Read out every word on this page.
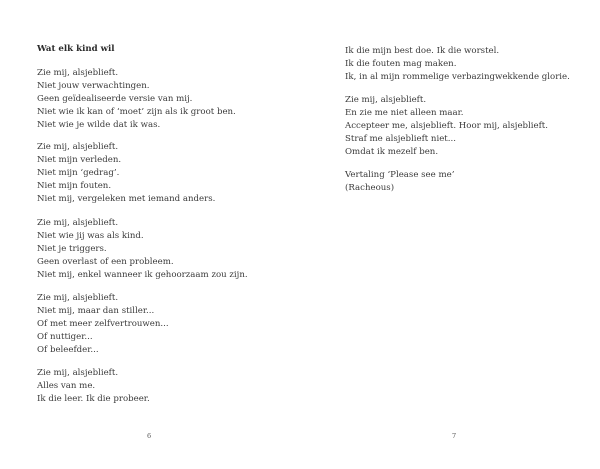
Wat elk kind wil
Zie mij, alsjeblieft.
Niet jouw verwachtingen.
Geen geïdealiseerde versie van mij.
Niet wie ik kan of ‘moet’ zijn als ik groot ben.
Niet wie je wilde dat ik was.
Zie mij, alsjeblieft.
Niet mijn verleden.
Niet mijn ‘gedrag’.
Niet mijn fouten.
Niet mij, vergeleken met iemand anders.
Zie mij, alsjeblieft.
Niet wie jij was als kind.
Niet je triggers.
Geen overlast of een probleem.
Niet mij, enkel wanneer ik gehoorzaam zou zijn.
Zie mij, alsjeblieft.
Niet mij, maar dan stiller...
Of met meer zelfvertrouwen...
Of nuttiger...
Of beleefder...
Zie mij, alsjeblieft.
Alles van me.
Ik die leer. Ik die probeer.
6
Ik die mijn best doe. Ik die worstel.
Ik die fouten mag maken.
Ik, in al mijn rommelige verbazingwekkende glorie.
Zie mij, alsjeblieft.
En zie me niet alleen maar.
Accepteer me, alsjeblieft. Hoor mij, alsjeblieft.
Straf me alsjeblieft niet...
Omdat ik mezelf ben.
Vertaling ‘Please see me’
(Racheous)
7
